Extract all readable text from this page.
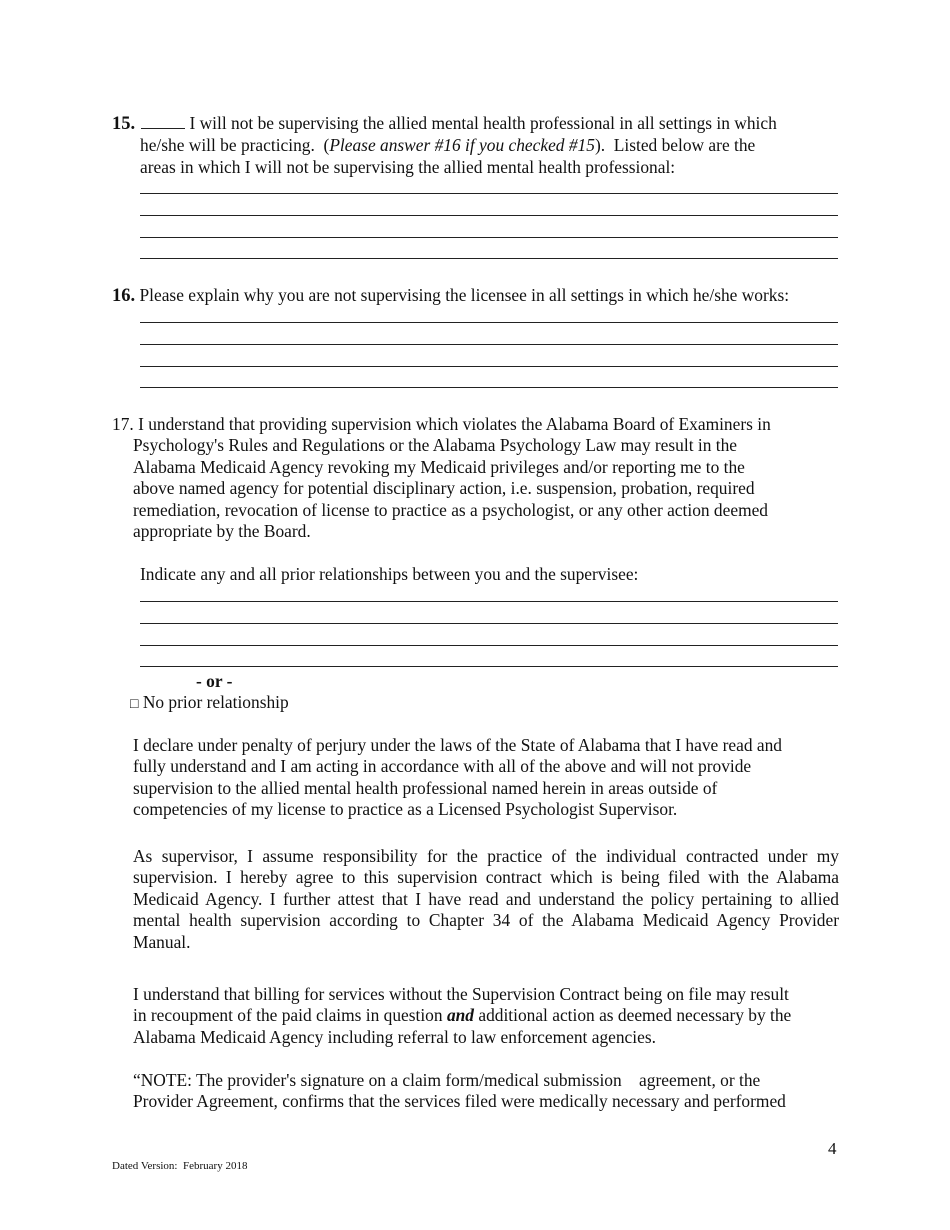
15.	I will not be supervising the allied mental health professional in all settings in which
he/she will be practicing.  (Please answer #16 if you checked #15).  Listed below are the
areas in which I will not be supervising the allied mental health professional:
16. Please explain why you are not supervising the licensee in all settings in which he/she works:
17. I understand that providing supervision which violates the Alabama Board of Examiners in
Psychology's Rules and Regulations or the Alabama Psychology Law may result in the
Alabama Medicaid Agency revoking my Medicaid privileges and/or reporting me to the
above named agency for potential disciplinary action, i.e. suspension, probation, required
remediation, revocation of license to practice as a psychologist, or any other action deemed
appropriate by the Board.
Indicate any and all prior relationships between you and the supervisee:
- or -
□ No prior relationship
I declare under penalty of perjury under the laws of the State of Alabama that I have read and
fully understand and I am acting in accordance with all of the above and will not provide
supervision to the allied mental health professional named herein in areas outside of
competencies of my license to practice as a Licensed Psychologist Supervisor.
As supervisor, I assume responsibility for the practice of the individual contracted under my supervision. I hereby agree to this supervision contract which is being filed with the Alabama Medicaid Agency. I further attest that I have read and understand the policy pertaining to allied mental health supervision according to Chapter 34 of the Alabama Medicaid Agency Provider Manual.
I understand that billing for services without the Supervision Contract being on file may result
in recoupment of the paid claims in question and additional action as deemed necessary by the
Alabama Medicaid Agency including referral to law enforcement agencies.
“NOTE: The provider's signature on a claim form/medical submission    agreement, or the
Provider Agreement, confirms that the services filed were medically necessary and performed
4
Dated Version:  February 2018
